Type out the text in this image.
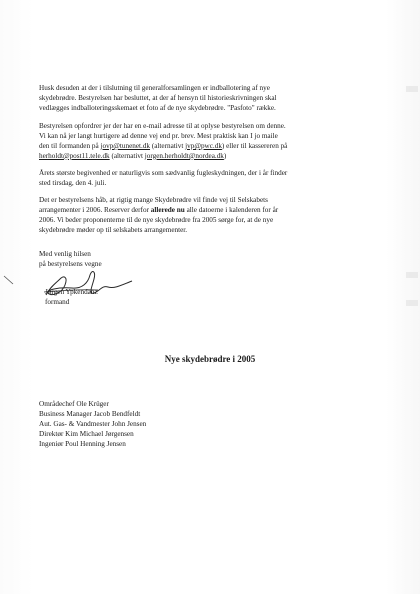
Husk desuden at der i tilslutning til generalforsamlingen er indballotering af nye
skydebrødre. Bestyrelsen har besluttet, at der af hensyn til historieskrivningen skal
vedlægges indballoteringsskemaet et foto af de nye skydebrødre. "Pasfoto" række.
Bestyrelsen opfordrer jer der har en e-mail adresse til at oplyse bestyrelsen om denne.
Vi kan nå jer langt hurtigere ad denne vej end pr. brev. Mest praktisk kan I jo maile
den til formanden på jovp@tunenet.dk (alternativt jvp@pwc.dk) eller til kassereren på
herholdt@post11.tele.dk (alternativt jorgen.herholdt@nordea.dk)
Årets største begivenhed er naturligvis som sædvanlig fugleskydningen, der i år finder
sted tirsdag, den 4. juli.
Det er bestyrelsens håb, at rigtig mange Skydebrødre vil finde vej til Selskabets
arrangementer i 2006. Reserver derfor allerede nu alle datoerne i kalenderen for år
2006. Vi beder proponenterne til de nye skydebrødre fra 2005 sørge for, at de nye
skydebrødre møder op til selskabets arrangementer.
Med venlig hilsen
på bestyrelsens vegne
Jørgen Ypkendanz
formand
Nye skydebrødre i 2005
Områdechef Ole Krüger
Business Manager Jacob Bendfeldt
Aut. Gas- & Vandmester John Jensen
Direktør Kim Michael Jørgensen
Ingeniør Poul Henning Jensen
